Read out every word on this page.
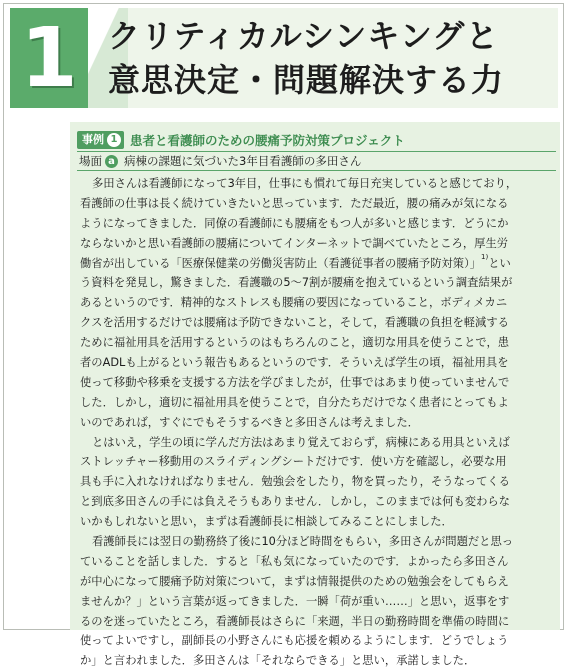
1 クリティカルシンキングと
意思決定・問題解決する力
事例 1 患者と看護師のための腰痛予防対策プロジェクト
場面 a 病棟の課題に気づいた3年目看護師の多田さん
多田さんは看護師になって3年目，仕事にも慣れて毎日充実していると感じており，
看護師の仕事は長く続けていきたいと思っています．ただ最近，腰の痛みが気になる
ようになってきました．同僚の看護師にも腰痛をもつ人が多いと感じます．どうにか
ならないかと思い看護師の腰痛についてインターネットで調べていたところ，厚生労
働省が出している「医療保健業の労働災害防止（看護従事者の腰痛予防対策）」$^{1)}$とい
う資料を発見し，驚きました．看護職の5〜7割が腰痛を抱えているという調査結果が
あるというのです．精神的なストレスも腰痛の要因になっていること，ボディメカニ
クスを活用するだけでは腰痛は予防できないこと，そして，看護職の負担を軽減する
ために福祉用具を活用するというのはもちろんのこと，適切な用具を使うことで，患
者のADLも上がるという報告もあるというのです．そういえば学生の頃，福祉用具を
使って移動や移乗を支援する方法を学びましたが，仕事ではあまり使っていませんで
した．しかし，適切に福祉用具を使うことで，自分たちだけでなく患者にとってもよ
いのであれば，すぐにでもそうするべきと多田さんは考えました．
とはいえ，学生の頃に学んだ方法はあまり覚えておらず，病棟にある用具といえば
ストレッチャー移動用のスライディングシートだけです．使い方を確認し，必要な用
具も手に入れなければなりません．勉強会をしたり，物を買ったり，そうなってくる
と到底多田さんの手には負えそうもありません．しかし，このままでは何も変わらな
いかもしれないと思い，まずは看護師長に相談してみることにしました．
看護師長には翌日の勤務終了後に10分ほど時間をもらい，多田さんが問題だと思っ
ていることを話しました．すると「私も気になっていたのです．よかったら多田さん
が中心になって腰痛予防対策について，まずは情報提供のための勉強会をしてもらえ
ませんか？」という言葉が返ってきました．一瞬「荷が重い……」と思い，返事をす
るのを迷っていたところ，看護師長はさらに「来週，半日の勤務時間を準備の時間に
使ってよいですし，副師長の小野さんにも応援を頼めるようにします．どうでしょう
か」と言われました．多田さんは「それならできる」と思い，承諾しました．
